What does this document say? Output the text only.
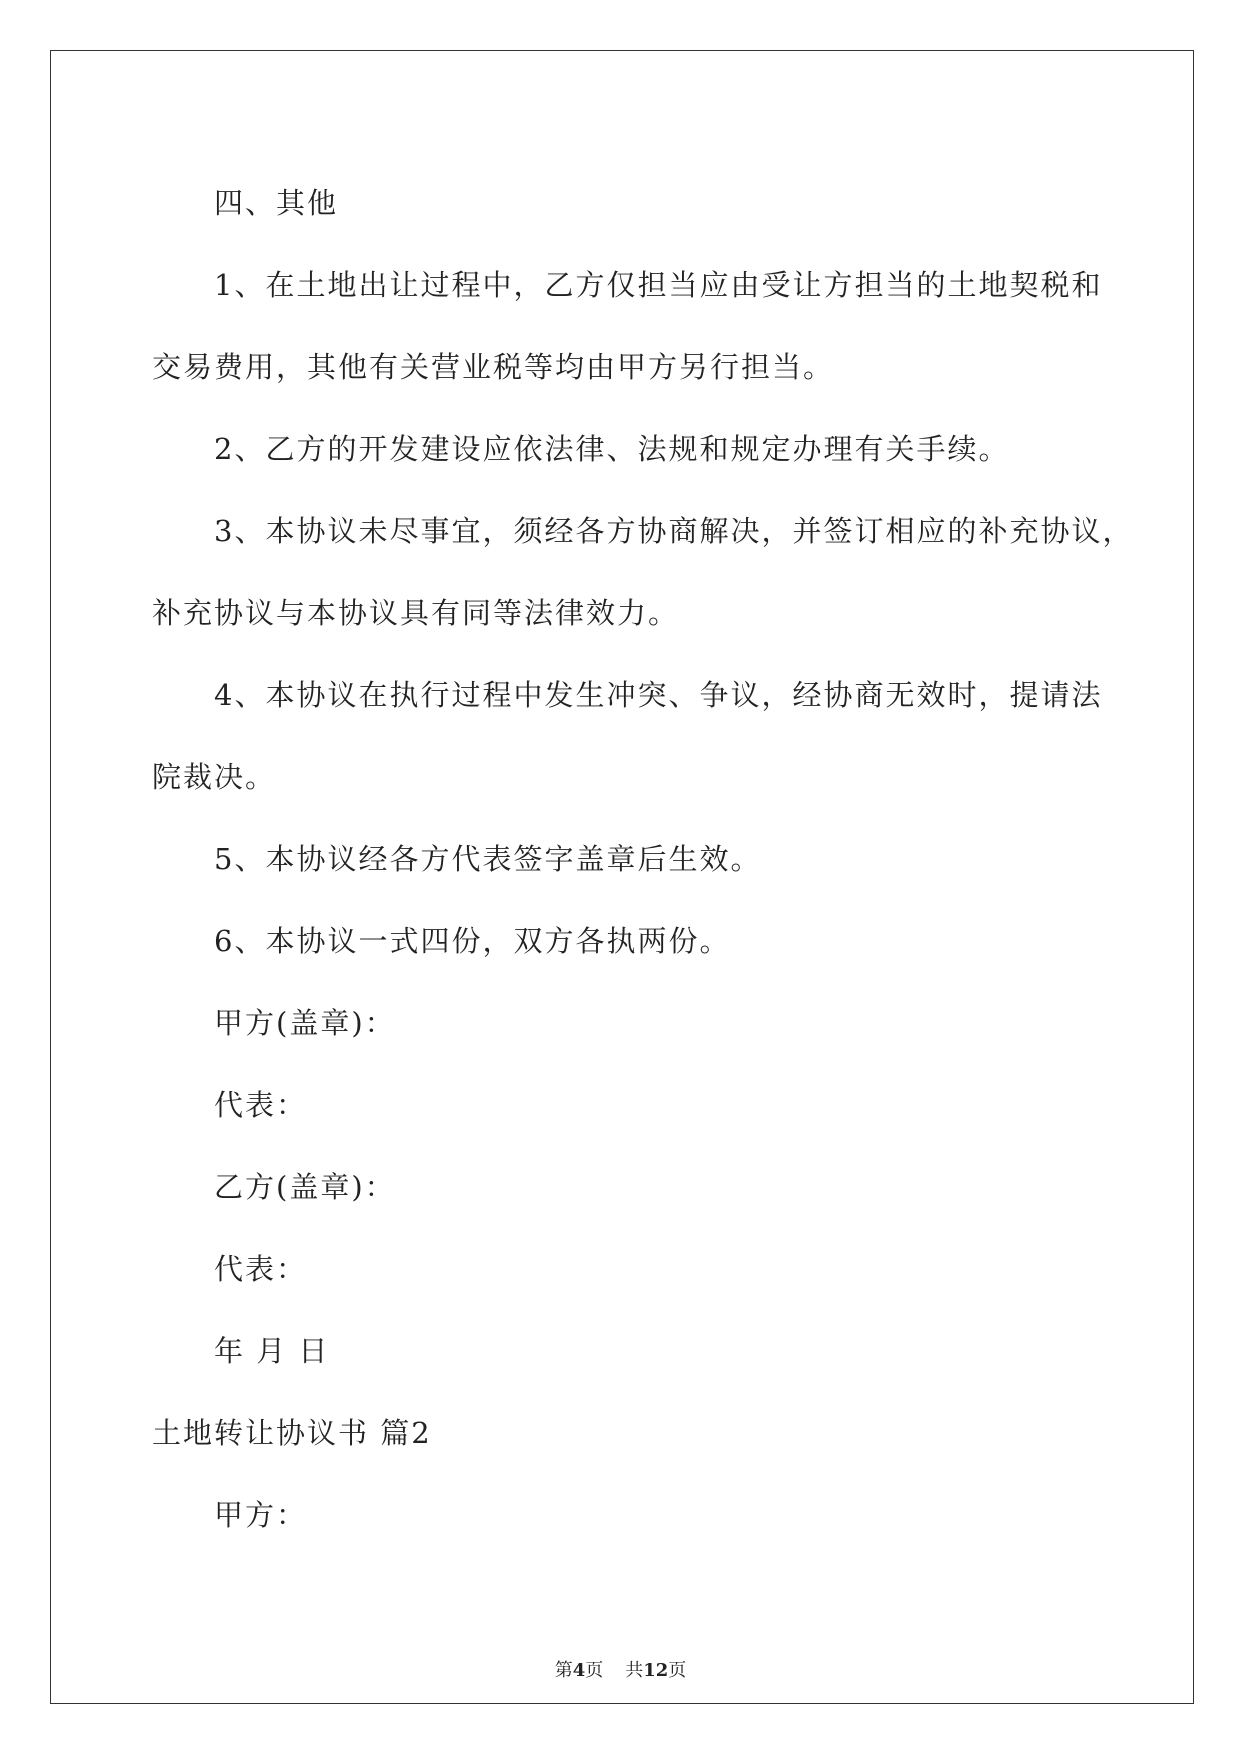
四、其他

1、在土地出让过程中，乙方仅担当应由受让方担当的土地契税和

交易费用，其他有关营业税等均由甲方另行担当。

2、乙方的开发建设应依法律、法规和规定办理有关手续。

3、本协议未尽事宜，须经各方协商解决，并签订相应的补充协议，

补充协议与本协议具有同等法律效力。

4、本协议在执行过程中发生冲突、争议，经协商无效时，提请法

院裁决。

5、本协议经各方代表签字盖章后生效。

6、本协议一式四份，双方各执两份。

甲方(盖章)：

代表：

乙方(盖章)：

代表：

年 月 日

土地转让协议书 篇2

甲方：

第4页 共12页
